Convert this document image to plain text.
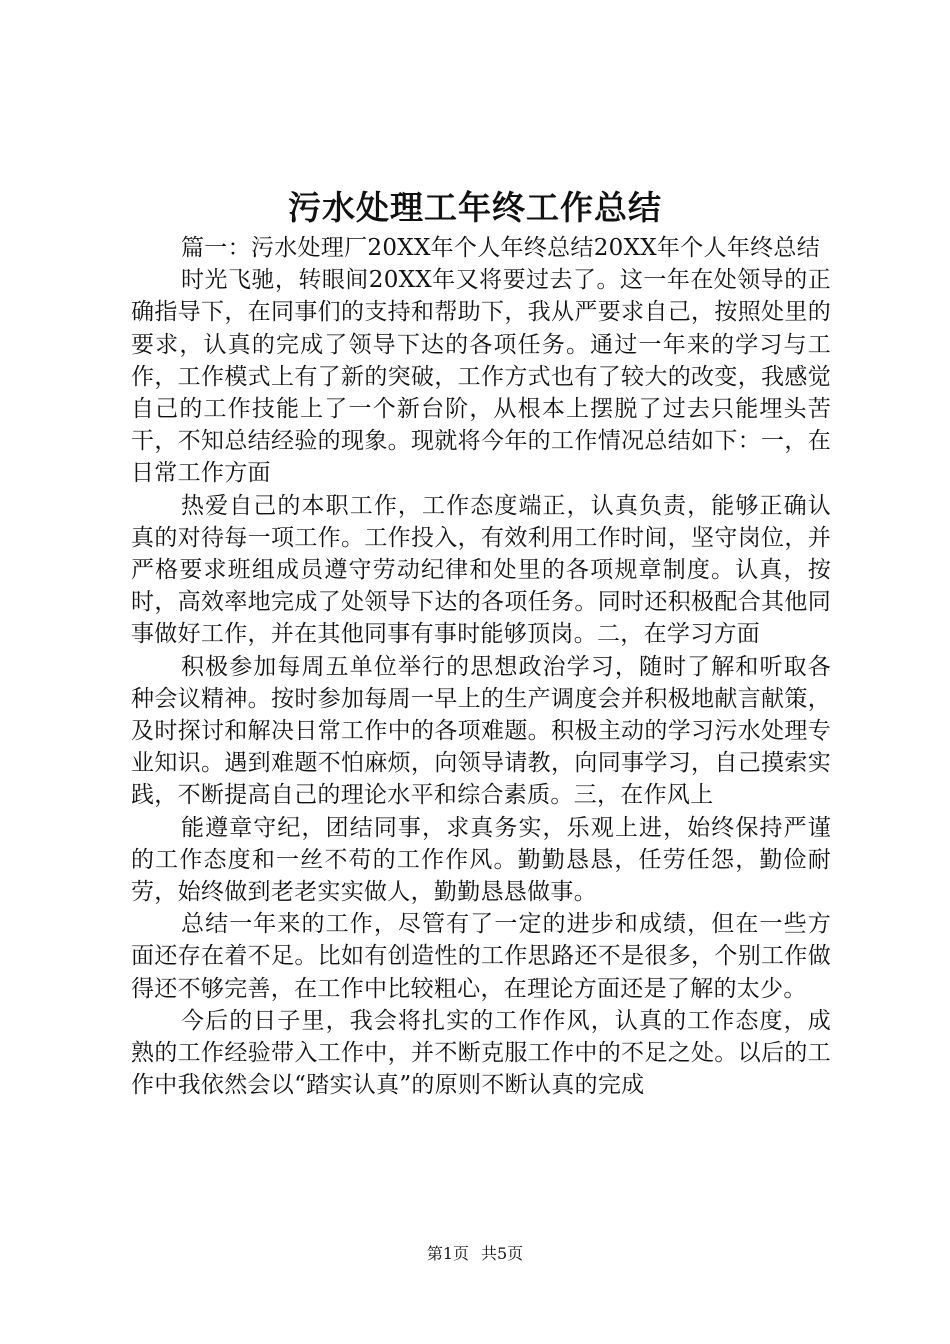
污水处理工年终工作总结

篇一：污水处理厂20XX年个人年终总结20XX年个人年终总结

时光飞驰，转眼间20XX年又将要过去了。这一年在处领导的正确指导下，在同事们的支持和帮助下，我从严要求自己，按照处里的要求，认真的完成了领导下达的各项任务。通过一年来的学习与工作，工作模式上有了新的突破，工作方式也有了较大的改变，我感觉自己的工作技能上了一个新台阶，从根本上摆脱了过去只能埋头苦干，不知总结经验的现象。现就将今年的工作情况总结如下：一，在日常工作方面

热爱自己的本职工作，工作态度端正，认真负责，能够正确认真的对待每一项工作。工作投入，有效利用工作时间，坚守岗位，并严格要求班组成员遵守劳动纪律和处里的各项规章制度。认真，按时，高效率地完成了处领导下达的各项任务。同时还积极配合其他同事做好工作，并在其他同事有事时能够顶岗。二，在学习方面

积极参加每周五单位举行的思想政治学习，随时了解和听取各种会议精神。按时参加每周一早上的生产调度会并积极地献言献策，及时探讨和解决日常工作中的各项难题。积极主动的学习污水处理专业知识。遇到难题不怕麻烦，向领导请教，向同事学习，自己摸索实践，不断提高自己的理论水平和综合素质。三，在作风上

能遵章守纪，团结同事，求真务实，乐观上进，始终保持严谨的工作态度和一丝不苟的工作作风。勤勤恳恳，任劳任怨，勤俭耐劳，始终做到老老实实做人，勤勤恳恳做事。

总结一年来的工作，尽管有了一定的进步和成绩，但在一些方面还存在着不足。比如有创造性的工作思路还不是很多，个别工作做得还不够完善，在工作中比较粗心，在理论方面还是了解的太少。

今后的日子里，我会将扎实的工作作风，认真的工作态度，成熟的工作经验带入工作中，并不断克服工作中的不足之处。以后的工作中我依然会以“踏实认真”的原则不断认真的完成

第1页 共5页
